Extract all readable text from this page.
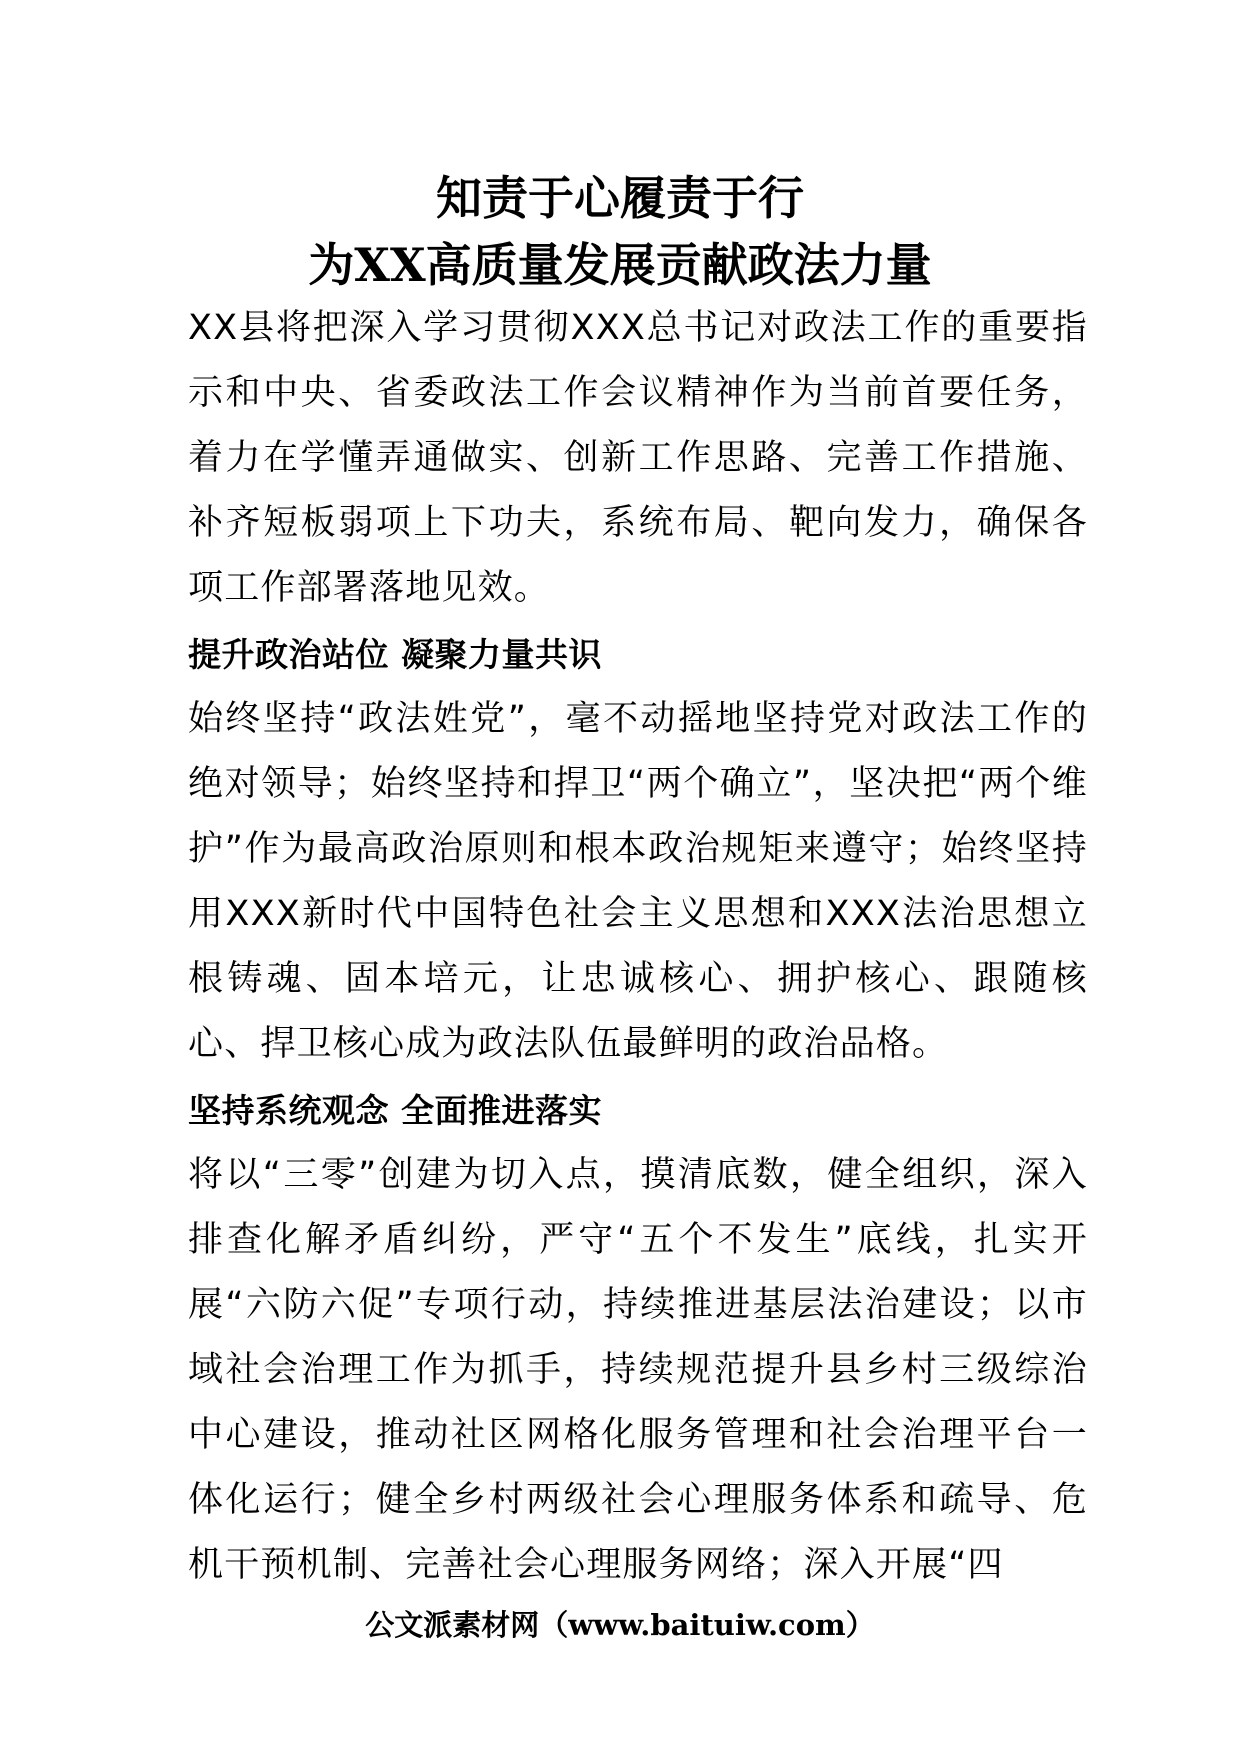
知责于心履责于行
为XX高质量发展贡献政法力量

XX县将把深入学习贯彻XXX总书记对政法工作的重要指示和中央、省委政法工作会议精神作为当前首要任务，着力在学懂弄通做实、创新工作思路、完善工作措施、补齐短板弱项上下功夫，系统布局、靶向发力，确保各项工作部署落地见效。

提升政治站位 凝聚力量共识

始终坚持“政法姓党”，毫不动摇地坚持党对政法工作的绝对领导；始终坚持和捍卫“两个确立”，坚决把“两个维护”作为最高政治原则和根本政治规矩来遵守；始终坚持用XXX新时代中国特色社会主义思想和XXX法治思想立根铸魂、固本培元，让忠诚核心、拥护核心、跟随核心、捍卫核心成为政法队伍最鲜明的政治品格。

坚持系统观念 全面推进落实

将以“三零”创建为切入点，摸清底数，健全组织，深入排查化解矛盾纠纷，严守“五个不发生”底线，扎实开展“六防六促”专项行动，持续推进基层法治建设；以市域社会治理工作为抓手，持续规范提升县乡村三级综治中心建设，推动社区网格化服务管理和社会治理平台一体化运行；健全乡村两级社会心理服务体系和疏导、危机干预机制、完善社会心理服务网络；深入开展“四

公文派素材网（www.baituiw.com）
